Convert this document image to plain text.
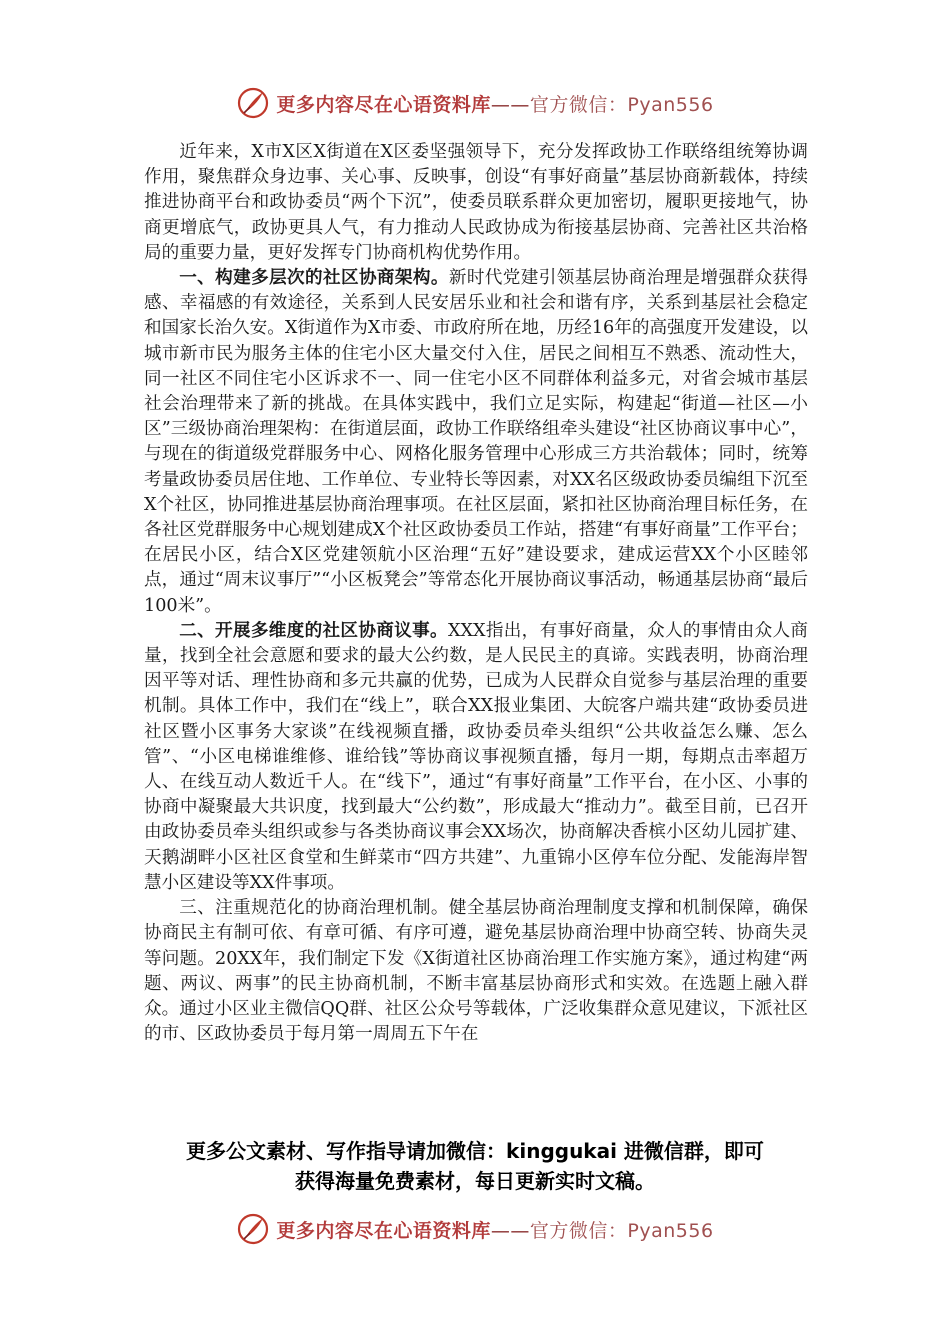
更多内容尽在心语资料库——官方微信：Pyan556

近年来，X市X区X街道在X区委坚强领导下，充分发挥政协工作联络组统筹协调作用，聚焦群众身边事、关心事、反映事，创设“有事好商量”基层协商新载体，持续推进协商平台和政协委员“两个下沉”，使委员联系群众更加密切，履职更接地气，协商更增底气，政协更具人气，有力推动人民政协成为衔接基层协商、完善社区共治格局的重要力量，更好发挥专门协商机构优势作用。

一、构建多层次的社区协商架构。新时代党建引领基层协商治理是增强群众获得感、幸福感的有效途径，关系到人民安居乐业和社会和谐有序，关系到基层社会稳定和国家长治久安。X街道作为X市委、市政府所在地，历经16年的高强度开发建设，以城市新市民为服务主体的住宅小区大量交付入住，居民之间相互不熟悉、流动性大，同一社区不同住宅小区诉求不一、同一住宅小区不同群体利益多元，对省会城市基层社会治理带来了新的挑战。在具体实践中，我们立足实际，构建起“街道—社区—小区”三级协商治理架构：在街道层面，政协工作联络组牵头建设“社区协商议事中心”，与现在的街道级党群服务中心、网格化服务管理中心形成三方共治载体；同时，统筹考量政协委员居住地、工作单位、专业特长等因素，对XX名区级政协委员编组下沉至X个社区，协同推进基层协商治理事项。在社区层面，紧扣社区协商治理目标任务，在各社区党群服务中心规划建成X个社区政协委员工作站，搭建“有事好商量”工作平台；在居民小区，结合X区党建领航小区治理“五好”建设要求，建成运营XX个小区睦邻点，通过“周末议事厅”“小区板凳会”等常态化开展协商议事活动，畅通基层协商“最后100米”。

二、开展多维度的社区协商议事。XXX指出，有事好商量，众人的事情由众人商量，找到全社会意愿和要求的最大公约数，是人民民主的真谛。实践表明，协商治理因平等对话、理性协商和多元共赢的优势，已成为人民群众自觉参与基层治理的重要机制。具体工作中，我们在“线上”，联合XX报业集团、大皖客户端共建“政协委员进社区暨小区事务大家谈”在线视频直播，政协委员牵头组织“公共收益怎么赚、怎么管”、“小区电梯谁维修、谁给钱”等协商议事视频直播，每月一期，每期点击率超万人、在线互动人数近千人。在“线下”，通过“有事好商量”工作平台，在小区、小事的协商中凝聚最大共识度，找到最大“公约数”，形成最大“推动力”。截至目前，已召开由政协委员牵头组织或参与各类协商议事会XX场次，协商解决香槟小区幼儿园扩建、天鹅湖畔小区社区食堂和生鲜菜市“四方共建”、九重锦小区停车位分配、发能海岸智慧小区建设等XX件事项。

三、注重规范化的协商治理机制。健全基层协商治理制度支撑和机制保障，确保协商民主有制可依、有章可循、有序可遵，避免基层协商治理中协商空转、协商失灵等问题。20XX年，我们制定下发《X街道社区协商治理工作实施方案》，通过构建“两题、两议、两事”的民主协商机制，不断丰富基层协商形式和实效。在选题上融入群众。通过小区业主微信QQ群、社区公众号等载体，广泛收集群众意见建议，下派社区的市、区政协委员于每月第一周周五下午在

更多公文素材、写作指导请加微信：kinggukai 进微信群，即可
获得海量免费素材，每日更新实时文稿。
更多内容尽在心语资料库——官方微信：Pyan556
